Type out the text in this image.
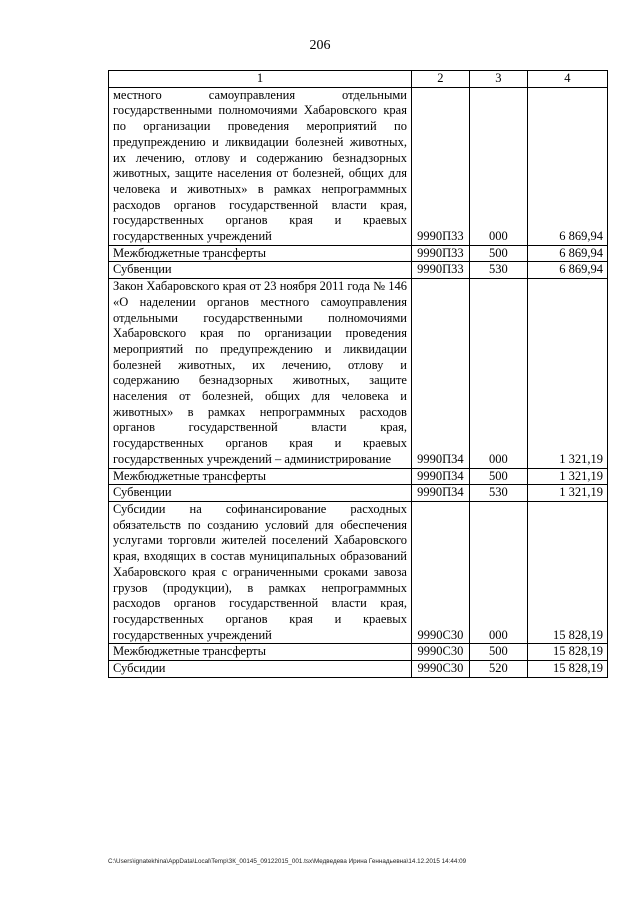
206
1	2	3	4
местного самоуправления отдельными государственными полномочиями Хабаровского края по организации проведения мероприятий по предупреждению и ликвидации болезней животных, их лечению, отлову и содержанию безнадзорных животных, защите населения от болезней, общих для человека и животных» в рамках непрограммных расходов органов государственной власти края, государственных органов края и краевых государственных учреждений	9990П33	000	6 869,94
Межбюджетные трансферты	9990П33	500	6 869,94
Субвенции	9990П33	530	6 869,94
Закон Хабаровского края от 23 ноября 2011 года № 146 «О наделении органов местного самоуправления отдельными государственными полномочиями Хабаровского края по организации проведения мероприятий по предупреждению и ликвидации болезней животных, их лечению, отлову и содержанию безнадзорных животных, защите населения от болезней, общих для человека и животных» в рамках непрограммных расходов органов государственной власти края, государственных органов края и краевых государственных учреждений – администрирование	9990П34	000	1 321,19
Межбюджетные трансферты	9990П34	500	1 321,19
Субвенции	9990П34	530	1 321,19
Субсидии на софинансирование расходных обязательств по созданию условий для обеспечения услугами торговли жителей поселений Хабаровского края, входящих в состав муниципальных образований Хабаровского края с ограниченными сроками завоза грузов (продукции), в рамках непрограммных расходов органов государственной власти края, государственных органов края и краевых государственных учреждений	9990С30	000	15 828,19
Межбюджетные трансферты	9990С30	500	15 828,19
Субсидии	9990С30	520	15 828,19
C:\Users\ignatekhina\AppData\Local\Temp\ЗК_00145_09122015_001.tsx\Медведева Ирина Геннадьевна\14.12.2015 14:44:09
